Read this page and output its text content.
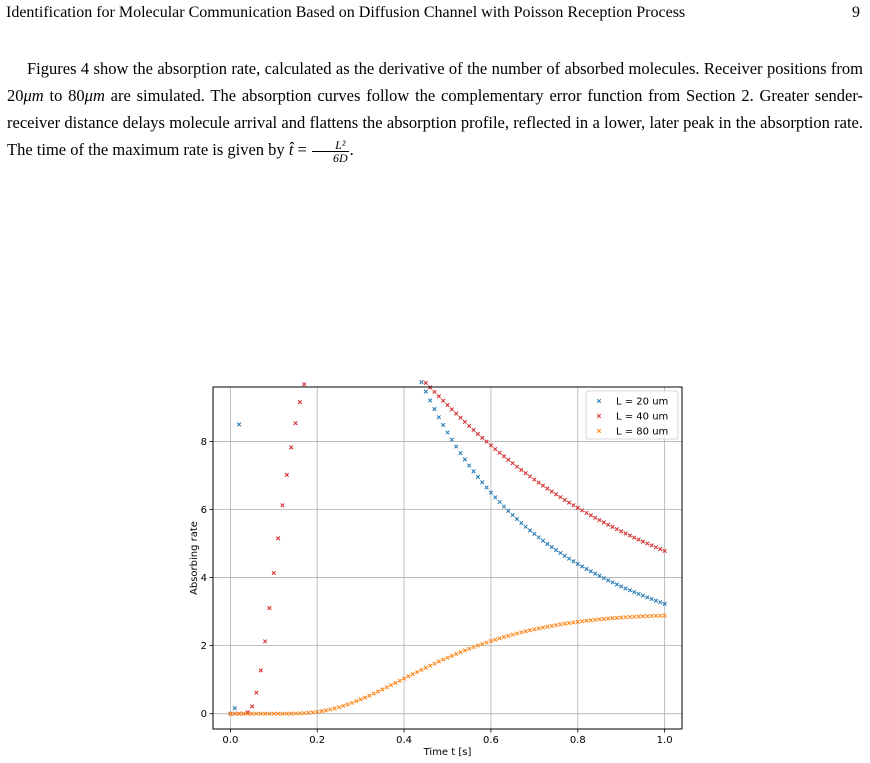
Identification for Molecular Communication Based on Diffusion Channel with Poisson Reception Process	9

Figures 4 show the absorption rate, calculated as the derivative of the number of absorbed molecules. Receiver positions from 20μm to 80μm are simulated. The absorption curves follow the complementary error function from Section 2. Greater sender-receiver distance delays molecule arrival and flattens the absorption profile, reflected in a lower, later peak in the absorption rate. The time of the maximum rate is given by t̂ = $\frac{\text{L²}}{6D}$ .

0.0	0.2	0.4	0.6	0.8	1.0
0
2
4
6
8
Time t [s]
Absorbing rate
L = 20 um
L = 40 um
L = 80 um
